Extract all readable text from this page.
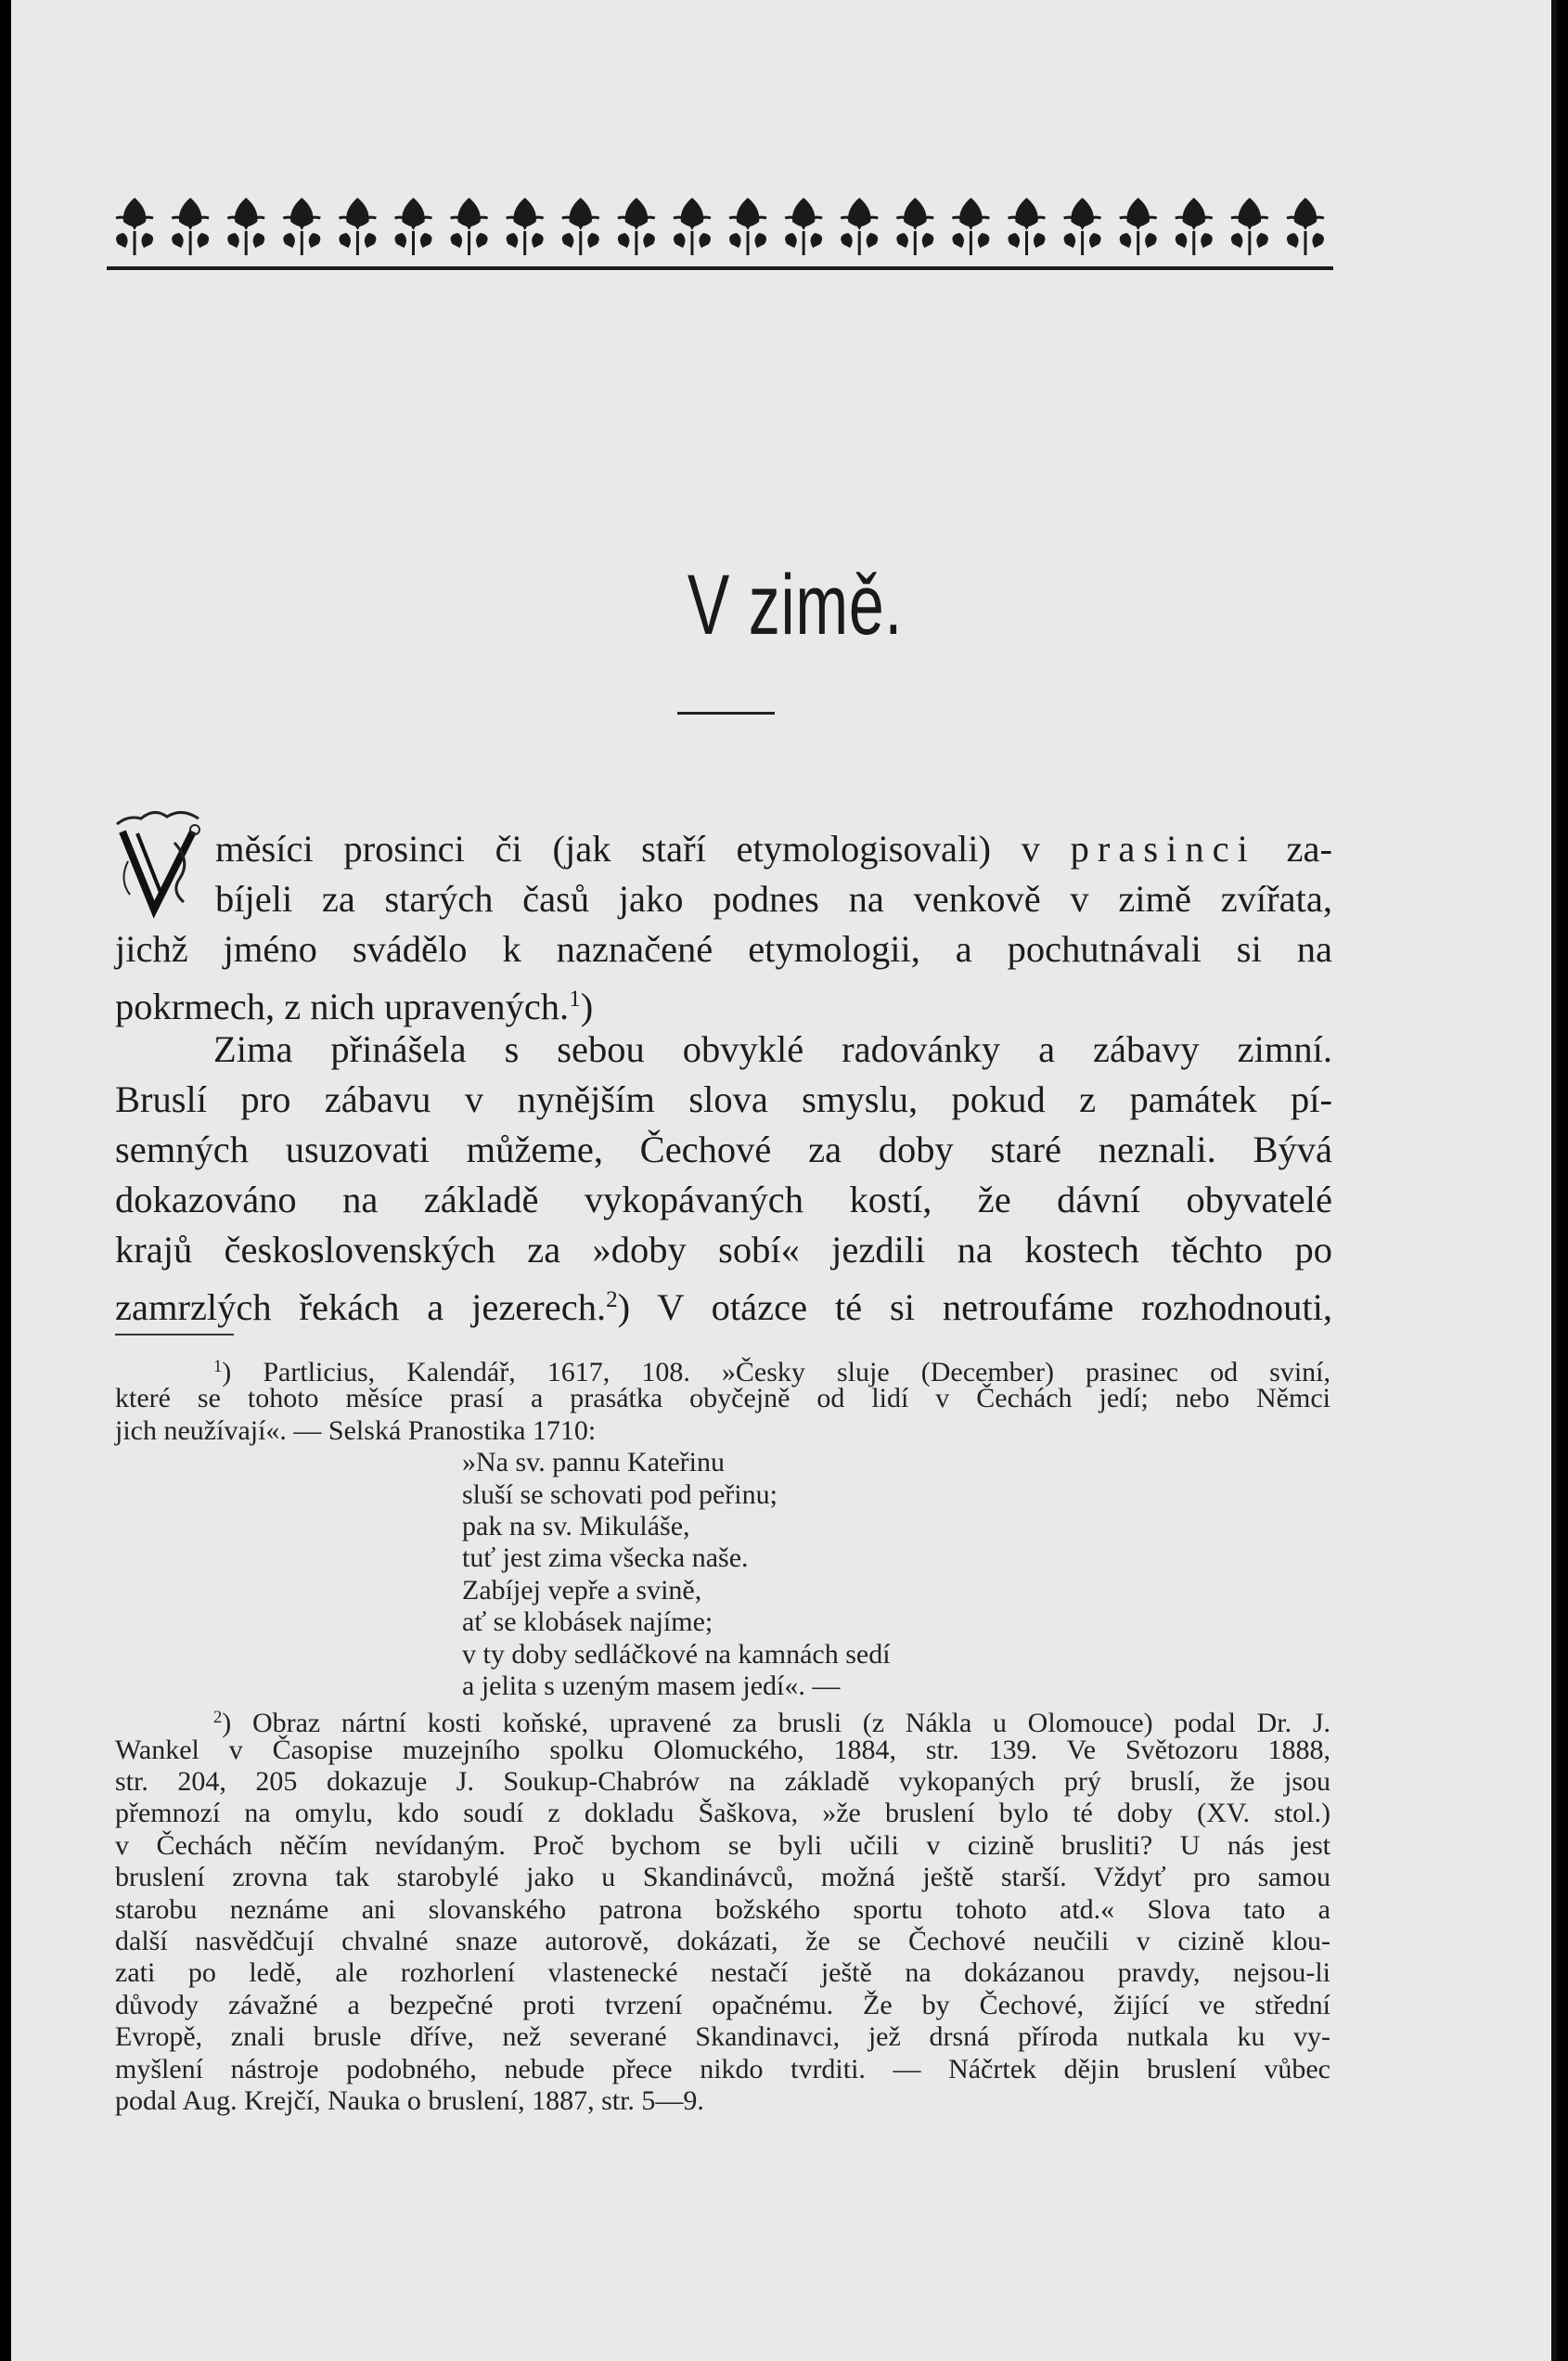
V zimě.
měsíci prosinci či (jak staří etymologisovali) v prasinci za-
bíjeli za starých časů jako podnes na venkově v zimě zvířata,
jichž jméno svádělo k naznačené etymologii, a pochutnávali si na
pokrmech, z nich upravených.$^1$)
Zima přinášela s sebou obvyklé radovánky a zábavy zimní.
Bruslí pro zábavu v nynějším slova smyslu, pokud z památek pí-
semných usuzovati můžeme, Čechové za doby staré neznali. Bývá
dokazováno na základě vykopávaných kostí, že dávní obyvatelé
krajů československých za »doby sobí« jezdili na kostech těchto po
zamrzlých řekách a jezerech.$^2$) V otázce té si netroufáme rozhodnouti,
$^1$) Partlicius, Kalendář, 1617, 108. »Česky sluje (December) prasinec od sviní,
které se tohoto měsíce prasí a prasátka obyčejně od lidí v Čechách jedí; nebo Němci
jich neužívají«. — Selská Pranostika 1710:
»Na sv. pannu Kateřinu
sluší se schovati pod peřinu;
pak na sv. Mikuláše,
tuť jest zima všecka naše.
Zabíjej vepře a svině,
ať se klobásek najíme;
v ty doby sedláčkové na kamnách sedí
a jelita s uzeným masem jedí«. —
$^2$) Obraz nártní kosti koňské, upravené za brusli (z Nákla u Olomouce) podal Dr. J.
Wankel v Časopise muzejního spolku Olomuckého, 1884, str. 139. Ve Světozoru 1888,
str. 204, 205 dokazuje J. Soukup-Chabrów na základě vykopaných prý bruslí, že jsou
přemnozí na omylu, kdo soudí z dokladu Šaškova, »že bruslení bylo té doby (XV. stol.)
v Čechách něčím nevídaným. Proč bychom se byli učili v cizině brusliti? U nás jest
bruslení zrovna tak starobylé jako u Skandinávců, možná ještě starší. Vždyť pro samou
starobu neznáme ani slovanského patrona božského sportu tohoto atd.« Slova tato a
další nasvědčují chvalné snaze autorově, dokázati, že se Čechové neučili v cizině klou-
zati po ledě, ale rozhorlení vlastenecké nestačí ještě na dokázanou pravdy, nejsou-li
důvody závažné a bezpečné proti tvrzení opačnému. Že by Čechové, žijící ve střední
Evropě, znali brusle dříve, než severané Skandinavci, jež drsná příroda nutkala ku vy-
myšlení nástroje podobného, nebude přece nikdo tvrditi. — Náčrtek dějin bruslení vůbec
podal Aug. Krejčí, Nauka o bruslení, 1887, str. 5—9.
